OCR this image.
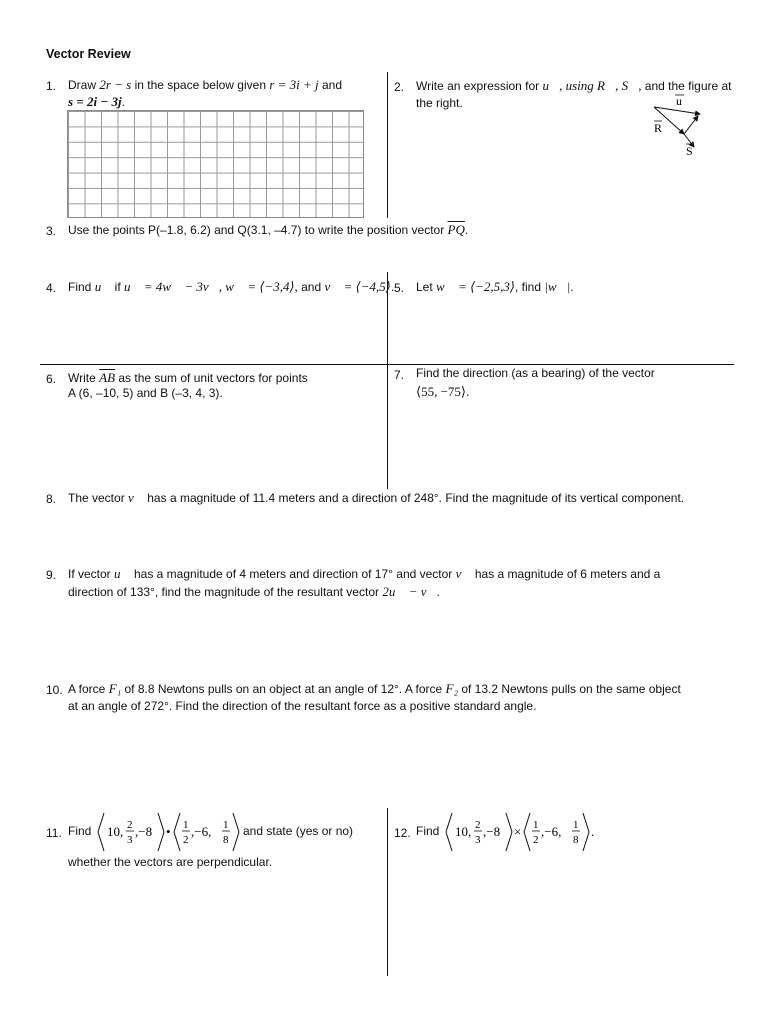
Vector Review
1. Draw 2r − s in the space below given r = 3i + j and
s = 2i − 3j.
2. Write an expression for u⃗, using R⃗, S⃗, and the figure at
the right.	u
R
S
3. Use the points P(–1.8, 6.2) and Q(3.1, –4.7) to write the position vector $\overline{PQ}$.
4. Find u⃗ if u⃗ = 4w⃗ − 3v⃗, w⃗ = ⟨−3,4⟩, and v⃗ = ⟨−4,5⟩. 5. Let w⃗ = ⟨−2,5,3⟩, find |w⃗|.
6. Write $\overline{AB}$ as the sum of unit vectors for points
A (6, –10, 5) and B (–3, 4, 3).
7. Find the direction (as a bearing) of the vector
⟨55, −75⟩.
8. The vector v⃗ has a magnitude of 11.4 meters and a direction of 248°. Find the magnitude of its vertical component.
9. If vector u⃗ has a magnitude of 4 meters and direction of 17° and vector v⃗ has a magnitude of 6 meters and a
direction of 133°, find the magnitude of the resultant vector 2u⃗ − v⃗.
10. A force F₁ of 8.8 Newtons pulls on an object at an angle of 12°. A force F₂ of 13.2 Newtons pulls on the same object
at an angle of 272°. Find the direction of the resultant force as a positive standard angle.
11. Find 10, 2
3
,−8 • 1
2
,−6, 1
8
and state (yes or no)
whether the vectors are perpendicular.
12. Find 10, 2
3
,−8 × 1
2
,−6, 1
8
.
